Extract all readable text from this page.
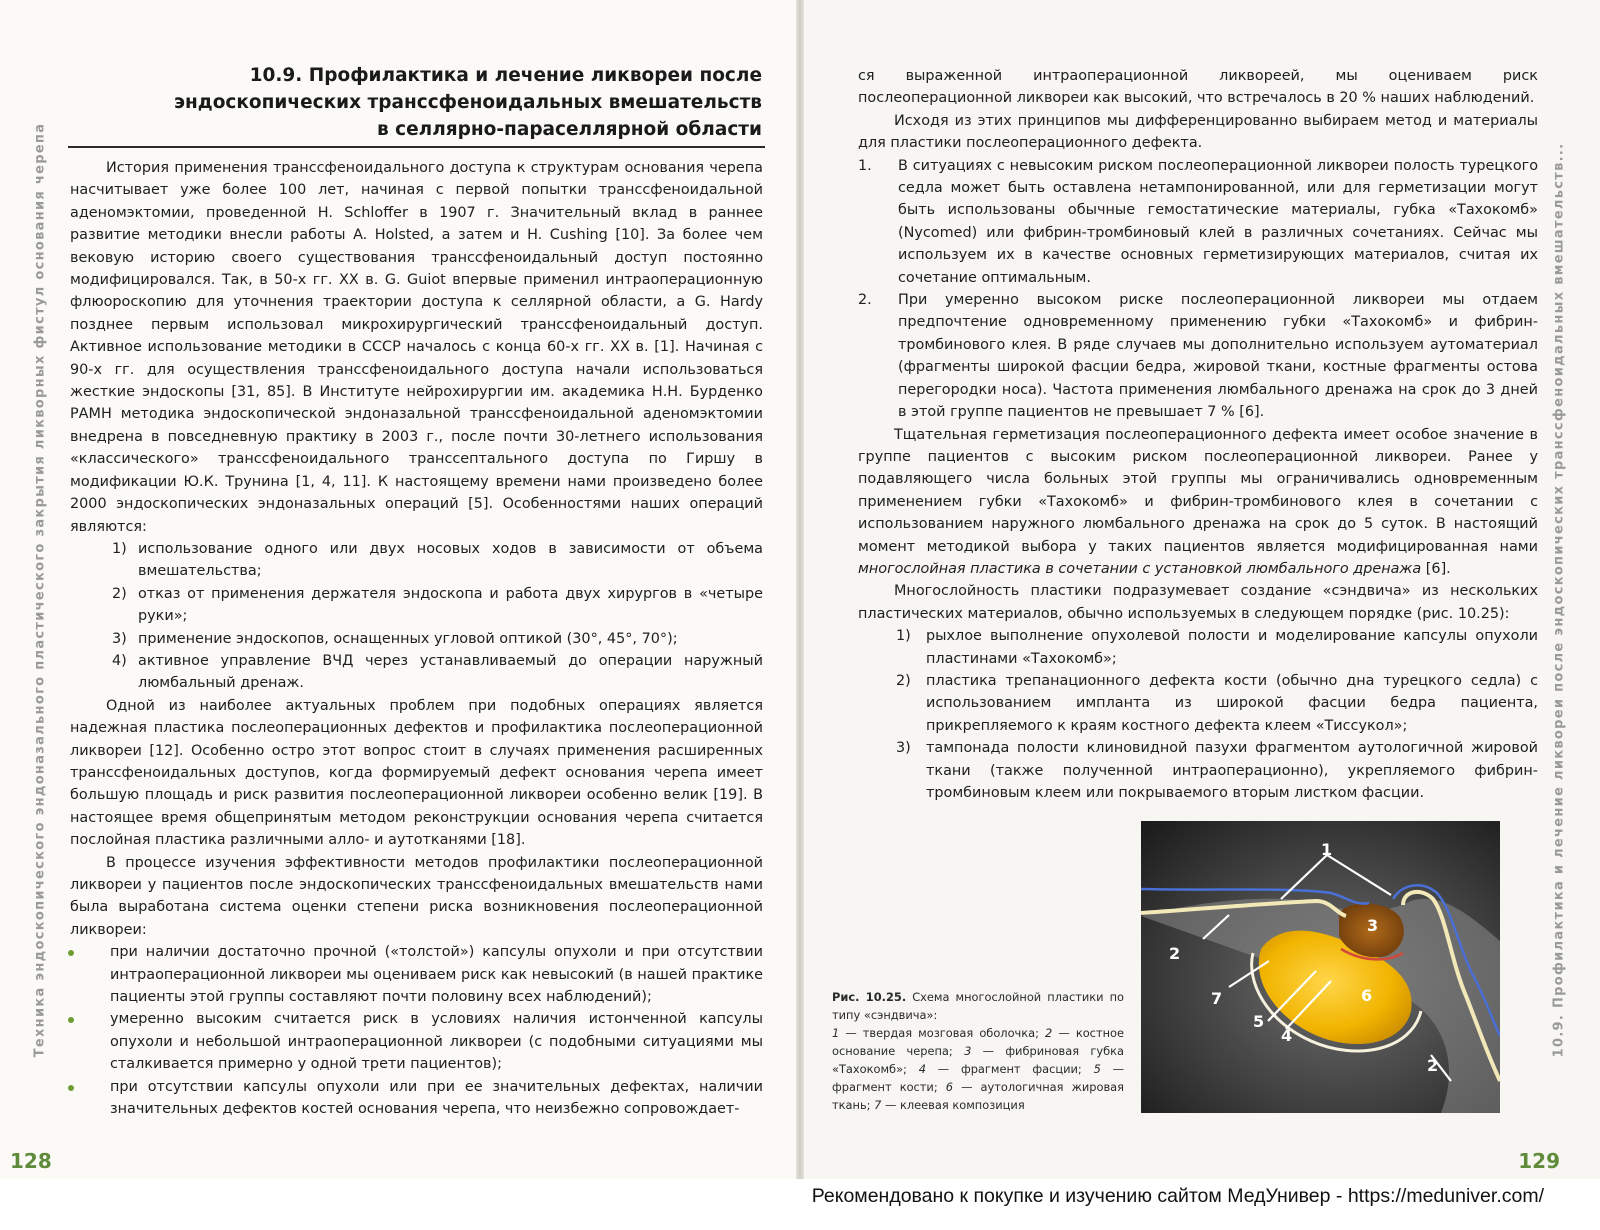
Техника эндоскопического эндоназального пластического закрытия ликворных фистул основания черепа
10.9. Профилактика и лечение ликвореи после
эндоскопических транссфеноидальных вмешательств
в селлярно-параселлярной области

История применения транссфеноидального доступа к структурам основания черепа насчитывает уже более 100 лет, начиная с первой попытки транссфеноидальной аденомэктомии, проведенной H. Schloffer в 1907 г. Значительный вклад в раннее развитие методики внесли работы A. Holsted, а затем и H. Cushing [10]. За более чем вековую историю своего существования транссфеноидальный доступ постоянно модифицировался. Так, в 50-х гг. XX в. G. Guiot впервые применил интраоперационную флюороскопию для уточнения траектории доступа к селлярной области, а G. Hardy позднее первым использовал микрохирургический транссфеноидальный доступ. Активное использование методики в СССР началось с конца 60-х гг. XX в. [1]. Начиная с 90-х гг. для осуществления транссфеноидального доступа начали использоваться жесткие эндоскопы [31, 85]. В Институте нейрохирургии им. академика Н.Н. Бурденко РАМН методика эндоскопической эндоназальной транссфеноидальной аденомэктомии внедрена в повседневную практику в 2003 г., после почти 30-летнего использования «классического» транссфеноидального транссептального доступа по Гиршу в модификации Ю.К. Трунина [1, 4, 11]. К настоящему времени нами произведено более 2000 эндоскопических эндоназальных операций [5]. Особенностями наших операций являются:

1) использование одного или двух носовых ходов в зависимости от объема вмешательства;

2) отказ от применения держателя эндоскопа и работа двух хирургов в «четыре руки»;

3) применение эндоскопов, оснащенных угловой оптикой (30°, 45°, 70°);

4) активное управление ВЧД через устанавливаемый до операции наружный люмбальный дренаж.

Одной из наиболее актуальных проблем при подобных операциях является надежная пластика послеоперационных дефектов и профилактика послеоперационной ликвореи [12]. Особенно остро этот вопрос стоит в случаях применения расширенных транссфеноидальных доступов, когда формируемый дефект основания черепа имеет большую площадь и риск развития послеоперационной ликвореи особенно велик [19]. В настоящее время общепринятым методом реконструкции основания черепа считается послойная пластика различными алло- и аутотканями [18].

В процессе изучения эффективности методов профилактики послеоперационной ликвореи у пациентов после эндоскопических транссфеноидальных вмешательств нами была выработана система оценки степени риска возникновения послеоперационной ликвореи:

при наличии достаточно прочной («толстой») капсулы опухоли и при отсутствии интраоперационной ликвореи мы оцениваем риск как невысокий (в нашей практике пациенты этой группы составляют почти половину всех наблюдений);

умеренно высоким считается риск в условиях наличия истонченной капсулы опухоли и небольшой интраоперационной ликвореи (с подобными ситуациями мы сталкивается примерно у одной трети пациентов);

при отсутствии капсулы опухоли или при ее значительных дефектах, наличии значительных дефектов костей основания черепа, что неизбежно сопровождает-

128
10.9. Профилактика и лечение ликвореи после эндоскопических транссфеноидальных вмешательств...

ся выраженной интраоперационной ликвореей, мы оцениваем риск послеоперационной ликвореи как высокий, что встречалось в 20 % наших наблюдений.

Исходя из этих принципов мы дифференцированно выбираем метод и материалы для пластики послеоперационного дефекта.

1. В ситуациях с невысоким риском послеоперационной ликвореи полость турецкого седла может быть оставлена нетампонированной, или для герметизации могут быть использованы обычные гемостатические материалы, губка «Тахокомб» (Nycomed) или фибрин-тромбиновый клей в различных сочетаниях. Сейчас мы используем их в качестве основных герметизирующих материалов, считая их сочетание оптимальным.

2. При умеренно высоком риске послеоперационной ликвореи мы отдаем предпочтение одновременному применению губки «Тахокомб» и фибрин-тромбинового клея. В ряде случаев мы дополнительно используем аутоматериал (фрагменты широкой фасции бедра, жировой ткани, костные фрагменты остова перегородки носа). Частота применения люмбального дренажа на срок до 3 дней в этой группе пациентов не превышает 7 % [6].

Тщательная герметизация послеоперационного дефекта имеет особое значение в группе пациентов с высоким риском послеоперационной ликвореи. Ранее у подавляющего числа больных этой группы мы ограничивались одновременным применением губки «Тахокомб» и фибрин-тромбинового клея в сочетании с использованием наружного люмбального дренажа на срок до 5 суток. В настоящий момент методикой выбора у таких пациентов является модифицированная нами многослойная пластика в сочетании с установкой люмбального дренажа [6].

Многослойность пластики подразумевает создание «сэндвича» из нескольких пластических материалов, обычно используемых в следующем порядке (рис. 10.25):

1) рыхлое выполнение опухолевой полости и моделирование капсулы опухоли пластинами «Тахокомб»;

2) пластика трепанационного дефекта кости (обычно дна турецкого седла) с использованием импланта из широкой фасции бедра пациента, прикрепляемого к краям костного дефекта клеем «Тиссукол»;

3) тампонада полости клиновидной пазухи фрагментом аутологичной жировой ткани (также полученной интраоперационно), укрепляемого фибрин-тромбиновым клеем или покрываемого вторым листком фасции.

Рис. 10.25. Схема многослойной пластики по типу «сэндвича»:
1 — твердая мозговая оболочка; 2 — костное основание черепа; 3 — фибриновая губка «Тахокомб»; 4 — фрагмент фасции; 5 — фрагмент кости; 6 — аутологичная жировая ткань; 7 — клеевая композиция
1
2
3
4
5
6
7
2
129
Рекомендовано к покупке и изучению сайтом МедУнивер - https://meduniver.com/
